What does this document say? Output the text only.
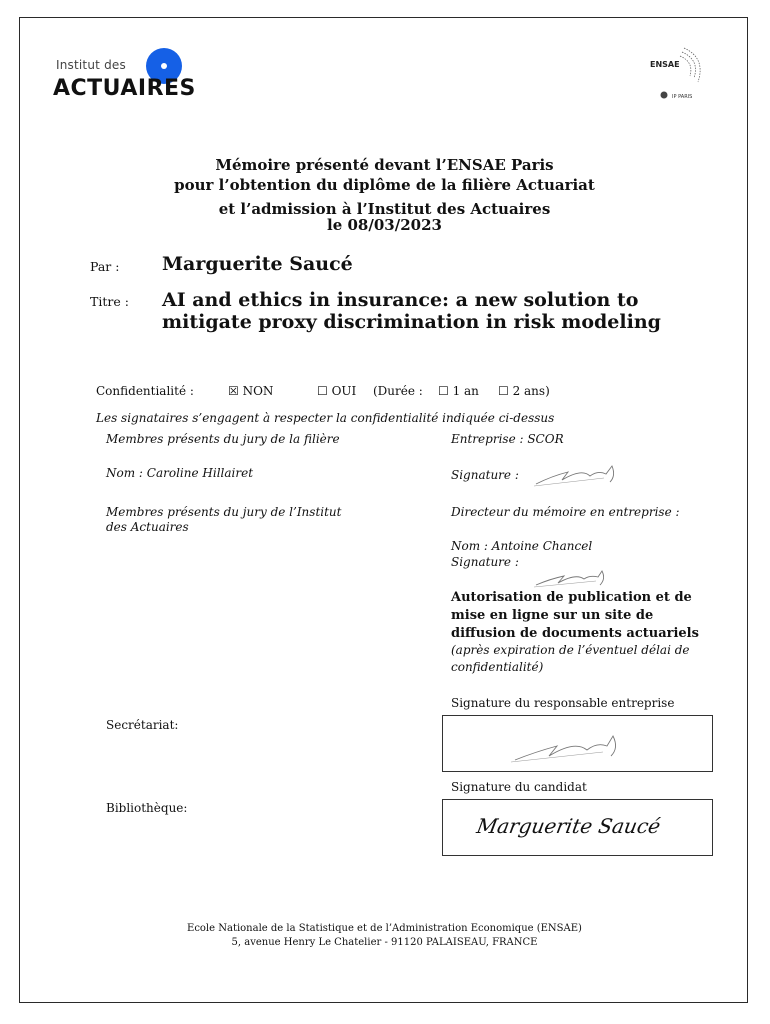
Institut des
ACTUAIRES
ENSAE
IP PARIS
Mémoire présenté devant l’ENSAE Paris
pour l’obtention du diplôme de la filière Actuariat
et l’admission à l’Institut des Actuaires
le 08/03/2023
Par : Marguerite Saucé
Titre : AI and ethics in insurance: a new solution to
mitigate proxy discrimination in risk modeling
Confidentialité :	☒ NON	☐ OUI (Durée : ☐ 1 an ☐ 2 ans)
Les signataires s’engagent à respecter la confidentialité indiquée ci-dessus
Membres présents du jury de la filière
Nom : Caroline Hillairet
Membres présents du jury de l’Institut
des Actuaires
Secrétariat:
Bibliothèque:
Entreprise : SCOR
Signature :
Directeur du mémoire en entreprise :
Nom : Antoine Chancel
Signature :
Autorisation de publication et de
mise en ligne sur un site de
diffusion de documents actuariels
(après expiration de l’éventuel délai de
confidentialité)
Signature du responsable entreprise
Signature du candidat
Marguerite Saucé
Ecole Nationale de la Statistique et de l’Administration Economique (ENSAE)
5, avenue Henry Le Chatelier - 91120 PALAISEAU, FRANCE
